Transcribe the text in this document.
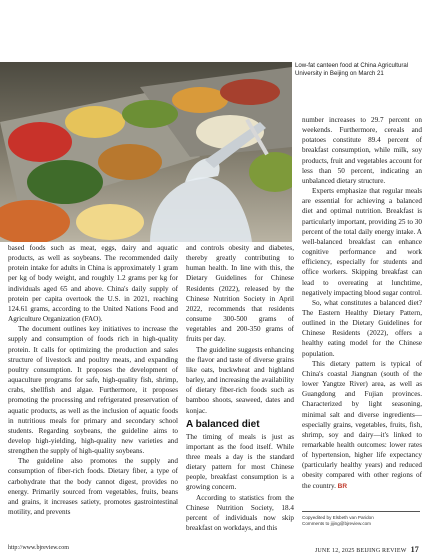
Low-fat canteen food at China Agricultural University in Beijing on March 21

based foods such as meat, eggs, dairy and aquatic products, as well as soybeans. The recommended daily protein intake for adults in China is approximately 1 gram per kg of body weight, and roughly 1.2 grams per kg for individuals aged 65 and above. China's daily supply of protein per capita overtook the U.S. in 2021, reaching 124.61 grams, according to the United Nations Food and Agriculture Organization (FAO).

The document outlines key initiatives to increase the supply and consumption of foods rich in high-quality protein. It calls for optimizing the production and sales structure of livestock and poultry meats, and expanding poultry consumption. It proposes the development of aquaculture programs for safe, high-quality fish, shrimp, crabs, shellfish and algae. Furthermore, it proposes promoting the processing and refrigerated preservation of aquatic products, as well as the inclusion of aquatic foods in nutritious meals for primary and secondary school students. Regarding soybeans, the guideline aims to develop high-yielding, high-quality new varieties and strengthen the supply of high-quality soybeans.

The guideline also promotes the supply and consumption of fiber-rich foods. Dietary fiber, a type of carbohydrate that the body cannot digest, provides no energy. Primarily sourced from vegetables, fruits, beans and grains, it increases satiety, promotes gastrointestinal motility, and prevents

and controls obesity and diabetes, thereby greatly contributing to human health. In line with this, the Dietary Guidelines for Chinese Residents (2022), released by the Chinese Nutrition Society in April 2022, recommends that residents consume 300-500 grams of vegetables and 200-350 grams of fruits per day.

The guideline suggests enhancing the flavor and taste of diverse grains like oats, buckwheat and highland barley, and increasing the availability of dietary fiber-rich foods such as bamboo shoots, seaweed, dates and konjac.

A balanced diet

The timing of meals is just as important as the food itself. While three meals a day is the standard dietary pattern for most Chinese people, breakfast consumption is a growing concern.

According to statistics from the Chinese Nutrition Society, 18.4 percent of individuals now skip breakfast on workdays, and this

number increases to 29.7 percent on weekends. Furthermore, cereals and potatoes constitute 89.4 percent of breakfast consumption, while milk, soy products, fruit and vegetables account for less than 50 percent, indicating an unbalanced dietary structure.

Experts emphasize that regular meals are essential for achieving a balanced diet and optimal nutrition. Breakfast is particularly important, providing 25 to 30 percent of the total daily energy intake. A well-balanced breakfast can enhance cognitive performance and work efficiency, especially for students and office workers. Skipping breakfast can lead to overeating at lunchtime, negatively impacting blood sugar control.

So, what constitutes a balanced diet? The Eastern Healthy Dietary Pattern, outlined in the Dietary Guidelines for Chinese Residents (2022), offers a healthy eating model for the Chinese population.

This dietary pattern is typical of China's coastal Jiangnan (south of the lower Yangtze River) area, as well as Guangdong and Fujian provinces. Characterized by light seasoning, minimal salt and diverse ingredients—especially grains, vegetables, fruits, fish, shrimp, soy and dairy—it's linked to remarkable health outcomes: lower rates of hypertension, higher life expectancy (particularly healthy years) and reduced obesity compared with other regions of the country. BR

Copyedited by Elsbeth van Paridon
Comments to jijing@bjreview.com
http://www.bjreview.com	JUNE 12, 2025 BEIJING REVIEW 17
